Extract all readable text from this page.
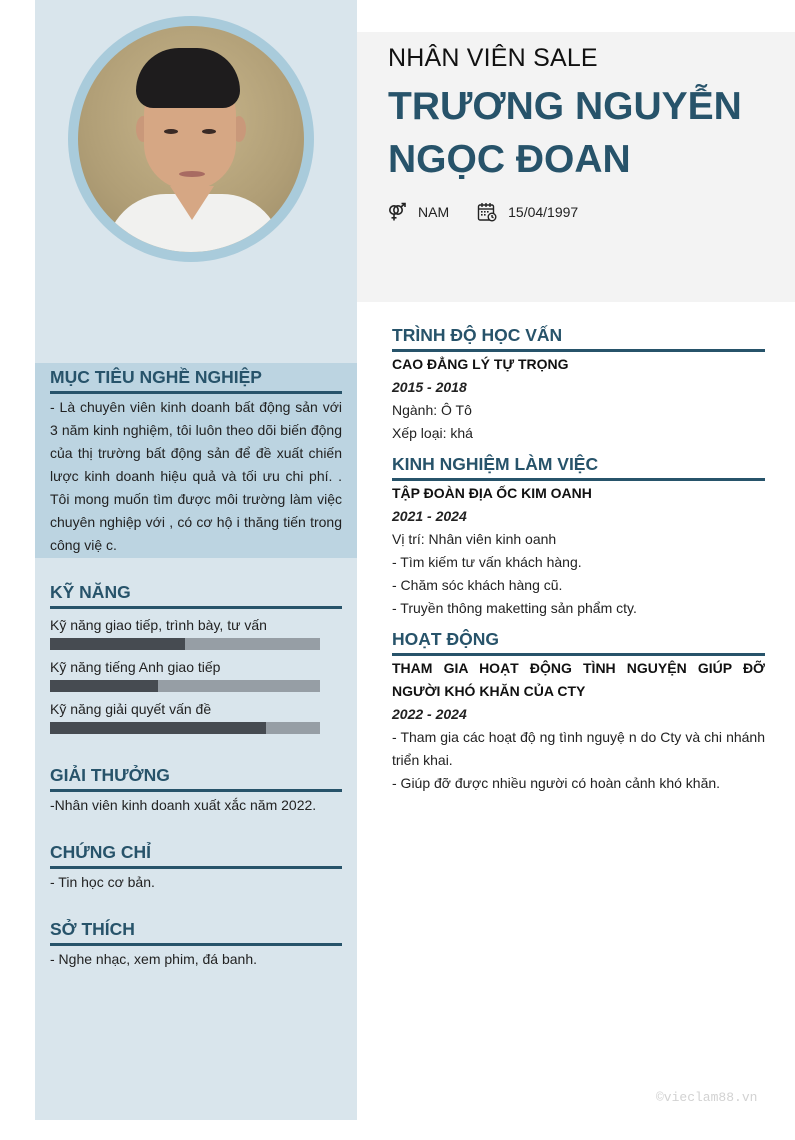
MỤC TIÊU NGHỀ NGHIỆP
- Là chuyên viên kinh doanh bất động sản với 3 năm kinh nghiệm, tôi luôn theo dõi biến động của thị trường bất động sản để đề xuất chiến lược kinh doanh hiệu quả và tối ưu chi phí. . Tôi mong muốn tìm được môi trường làm việc chuyên nghiệp với , có cơ hộ i thăng tiến trong công việ c.
KỸ NĂNG
Kỹ năng giao tiếp, trình bày, tư vấn
Kỹ năng tiếng Anh giao tiếp
Kỹ năng giải quyết vấn đề
GIẢI THƯỞNG
-Nhân viên kinh doanh xuất xắc năm 2022.
CHỨNG CHỈ
- Tin học cơ bản.
SỞ THÍCH
- Nghe nhạc, xem phim, đá banh.
NHÂN VIÊN SALE
TRƯƠNG NGUYỄN NGỌC ĐOAN
NAM	15/04/1997
TRÌNH ĐỘ HỌC VẤN
CAO ĐẲNG LÝ TỰ TRỌNG
2015 - 2018
Ngành: Ô Tô
Xếp loại: khá
KINH NGHIỆM LÀM VIỆC
TẬP ĐOÀN ĐỊA ỐC KIM OANH
2021 - 2024
Vị trí: Nhân viên kinh oanh
- Tìm kiếm tư vấn khách hàng.
- Chăm sóc khách hàng cũ.
- Truyền thông maketting sản phẩm cty.
HOẠT ĐỘNG
THAM GIA HOẠT ĐỘNG TÌNH NGUYỆN GIÚP ĐỠ NGƯỜI KHÓ KHĂN CỦA CTY
2022 - 2024
- Tham gia các hoạt độ ng tình nguyệ n do Cty và chi nhánh triển khai.
- Giúp đỡ được nhiều người có hoàn cảnh khó khăn.
©vieclam88.vn
